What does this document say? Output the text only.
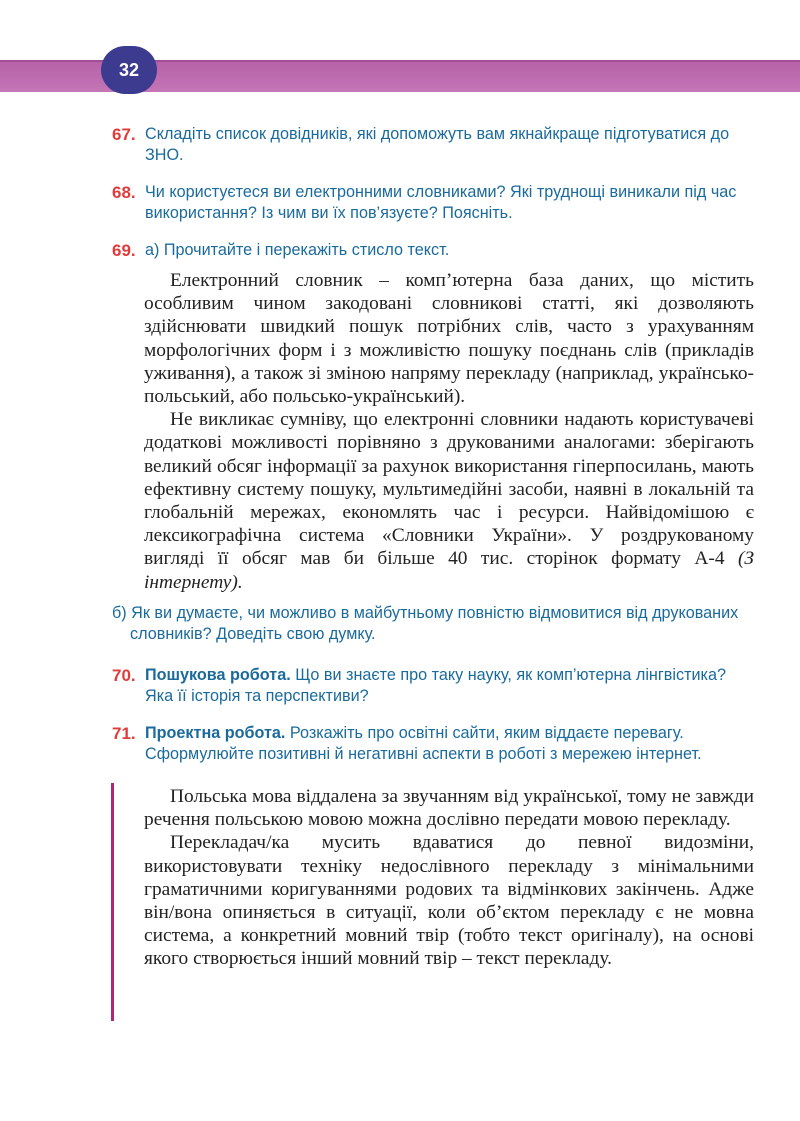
32
67. Складіть список довідників, які допоможуть вам якнайкраще підготуватися до ЗНО.
68. Чи користуєтеся ви електронними словниками? Які труднощі виникали під час використання? Із чим ви їх пов’язуєте? Поясніть.
69. а) Прочитайте і перекажіть стисло текст.

Електронний словник – комп’ютерна база даних, що містить особливим чином закодовані словникові статті, які дозволяють здійснювати швидкий пошук потрібних слів, часто з урахуванням морфологічних форм і з можливістю пошуку поєднань слів (прикладів уживання), а також зі зміною напряму перекладу (наприклад, українсько-польський, або польсько-український).

Не викликає сумніву, що електронні словники надають користувачеві додаткові можливості порівняно з друкованими аналогами: зберігають великий обсяг інформації за рахунок використання гіперпосилань, мають ефективну систему пошуку, мультимедійні засоби, наявні в локальній та глобальній мережах, економлять час і ресурси. Найвідомішою є лексикографічна система «Словники України». У роздрукованому вигляді її обсяг мав би більше 40 тис. сторінок формату А-4 (З інтернету).

б) Як ви думаєте, чи можливо в майбутньому повністю відмовитися від друкованих словників? Доведіть свою думку.
70. Пошукова робота. Що ви знаєте про таку науку, як комп’ютерна лінгвістика? Яка її історія та перспективи?
71. Проектна робота. Розкажіть про освітні сайти, яким віддаєте перевагу. Сформулюйте позитивні й негативні аспекти в роботі з мережею інтернет.

Польська мова віддалена за звучанням від української, тому не завжди речення польською мовою можна дослівно передати мовою перекладу.

Перекладач/ка мусить вдаватися до певної видозміни, використовувати техніку недослівного перекладу з мінімальними граматичними коригуваннями родових та відмінкових закінчень. Адже він/вона опиняється в ситуації, коли об’єктом перекладу є не мовна система, а конкретний мовний твір (тобто текст оригіналу), на основі якого створюється інший мовний твір – текст перекладу.
